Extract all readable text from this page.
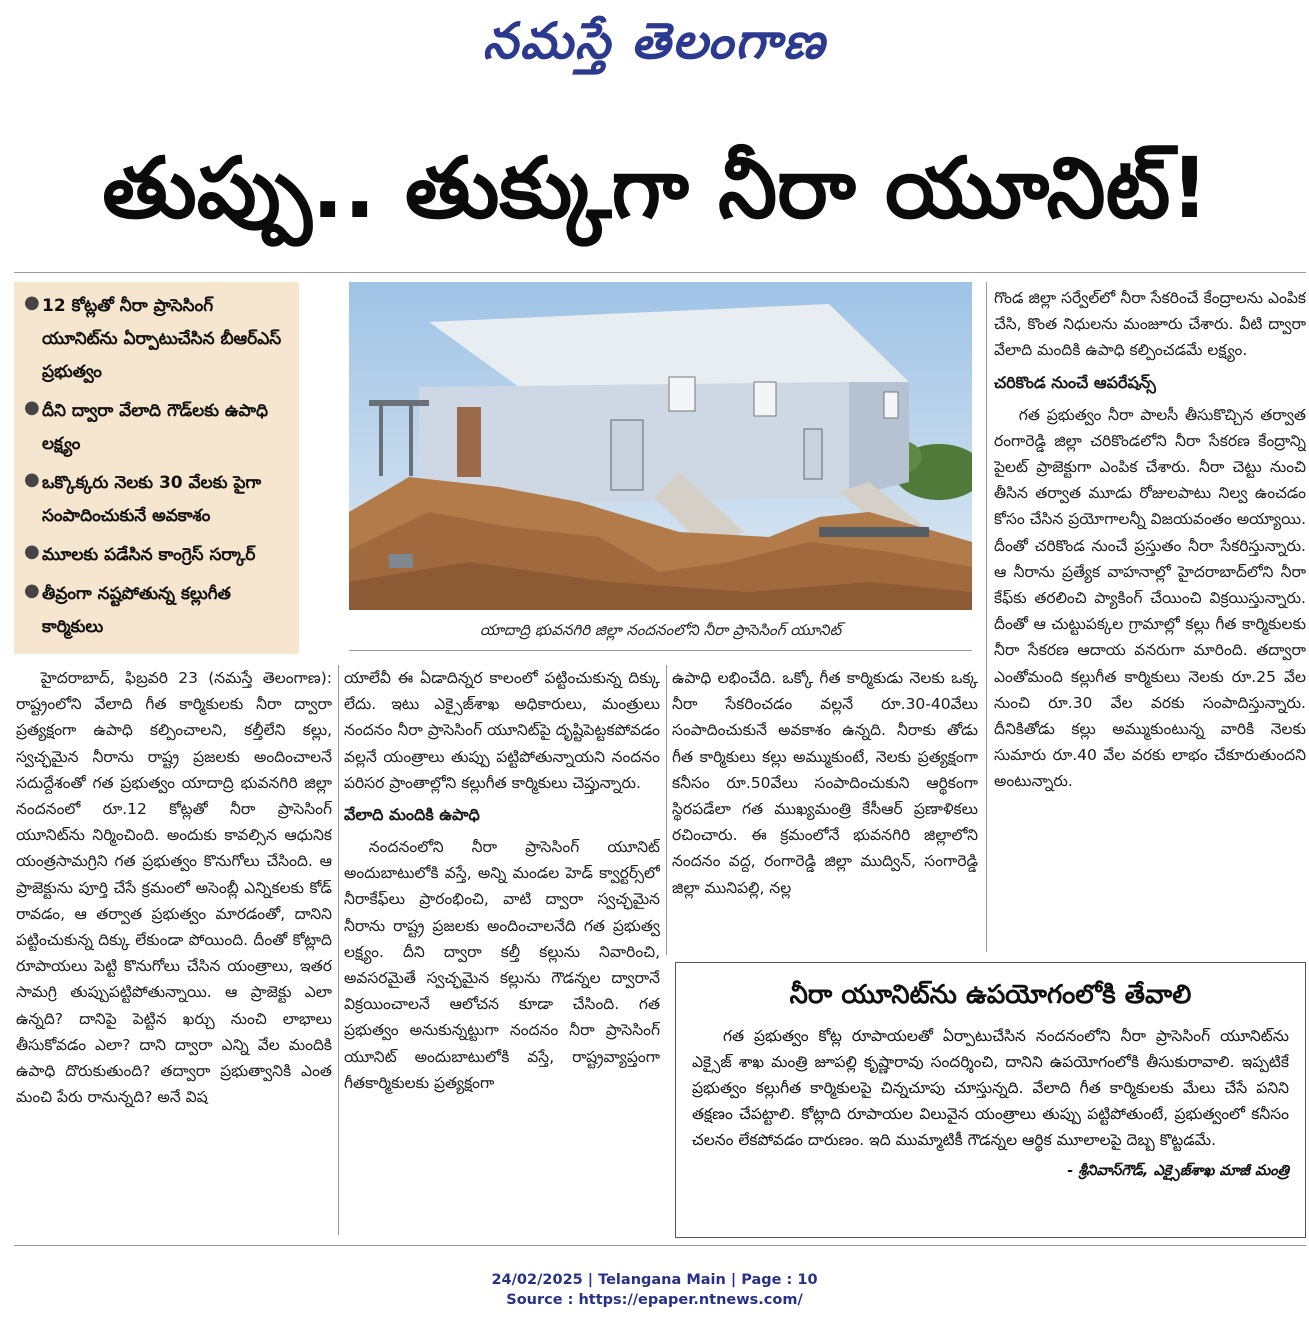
నమస్తే తెలంగాణ
తుప్పు.. తుక్కుగా నీరా యూనిట్!
● 12 కోట్లతో నీరా ప్రాసెసింగ్ యూనిట్‌ను ఏర్పాటుచేసిన బీఆర్‌ఎస్ ప్రభుత్వం
● దీని ద్వారా వేలాది గౌడ్‌లకు ఉపాధి లక్ష్యం
● ఒక్కొక్కరు నెలకు 30 వేలకు పైగా సంపాదించుకునే అవకాశం
● మూలకు పడేసిన కాంగ్రెస్ సర్కార్
● తీవ్రంగా నష్టపోతున్న కల్లుగీత కార్మికులు	యాదాద్రి భువనగిరి జిల్లా నందనంలోని నీరా ప్రాసెసింగ్ యూనిట్

హైదరాబాద్, ఫిబ్రవరి 23 (నమస్తే తెలంగాణ): రాష్ట్రంలోని వేలాది గీత కార్మికులకు నీరా ద్వారా ప్రత్యక్షంగా ఉపాధి కల్పించాలని, కల్తీలేని కల్లు, స్వచ్ఛమైన నీరాను రాష్ట్ర ప్రజలకు అందించాలనే సదుద్దేశంతో గత ప్రభుత్వం యాదాద్రి భువనగిరి జిల్లా నందనంలో రూ.12 కోట్లతో నీరా ప్రాసెసింగ్ యూనిట్‌ను నిర్మించింది. అందుకు కావల్సిన ఆధునిక యంత్రసామగ్రిని గత ప్రభుత్వం కొనుగోలు చేసింది. ఆ ప్రాజెక్టును పూర్తి చేసే క్రమంలో అసెంబ్లీ ఎన్నికలకు కోడ్ రావడం, ఆ తర్వాత ప్రభుత్వం మారడంతో, దానిని పట్టించుకున్న దిక్కు లేకుండా పోయింది. దీంతో కోట్లాది రూపాయలు పెట్టి కొనుగోలు చేసిన యంత్రాలు, ఇతర సామగ్రి తుప్పుపట్టిపోతున్నాయి. ఆ ప్రాజెక్టు ఎలా ఉన్నది? దానిపై పెట్టిన ఖర్చు నుంచి లాభాలు తీసుకోవడం ఎలా? దాని ద్వారా ఎన్ని వేల మందికి ఉపాధి దొరుకుతుంది? తద్వారా ప్రభుత్వానికి ఎంత మంచి పేరు రానున్నది? అనే విష

యాలేవీ ఈ ఏడాదిన్నర కాలంలో పట్టించుకున్న దిక్కు లేదు. ఇటు ఎక్సైజ్‌శాఖ అధికారులు, మంత్రులు నందనం నీరా ప్రాసెసింగ్ యూనిట్‌పై దృష్టిపెట్టకపోవడం వల్లనే యంత్రాలు తుప్పు పట్టిపోతున్నాయని నందనం పరిసర ప్రాంతాల్లోని కల్లుగీత కార్మికులు చెప్తున్నారు.

వేలాది మందికి ఉపాధి

నందనంలోని నీరా ప్రాసెసింగ్ యూనిట్ అందుబాటులోకి వస్తే, అన్ని మండల హెడ్ క్వార్టర్స్‌లో నీరాకేఫ్‌లు ప్రారంభించి, వాటి ద్వారా స్వచ్ఛమైన నీరాను రాష్ట్ర ప్రజలకు అందించాలనేది గత ప్రభుత్వ లక్ష్యం. దీని ద్వారా కల్తీ కల్లును నివారించి, అవసరమైతే స్వచ్ఛమైన కల్లును గౌడన్నల ద్వారానే విక్రయించాలనే ఆలోచన కూడా చేసింది. గత ప్రభుత్వం అనుకున్నట్టుగా నందనం నీరా ప్రాసెసింగ్ యూనిట్ అందుబాటులోకి వస్తే, రాష్ట్రవ్యాప్తంగా గీతకార్మికులకు ప్రత్యక్షంగా

ఉపాధి లభించేది. ఒక్కో గీత కార్మికుడు నెలకు ఒక్క నీరా సేకరించడం వల్లనే రూ.30-40వేలు సంపాదించుకునే అవకాశం ఉన్నది. నీరాకు తోడు గీత కార్మికులు కల్లు అమ్ముకుంటే, నెలకు ప్రత్యక్షంగా కనీసం రూ.50వేలు సంపాదించుకుని ఆర్థికంగా స్థిరపడేలా గత ముఖ్యమంత్రి కేసీఆర్ ప్రణాళికలు రచించారు. ఈ క్రమంలోనే భువనగిరి జిల్లాలోని నందనం వద్ద, రంగారెడ్డి జిల్లా ముద్విన్, సంగారెడ్డి జిల్లా మునిపల్లి, నల్ల

గొండ జిల్లా సర్వేల్‌లో నీరా సేకరించే కేంద్రాలను ఎంపిక చేసి, కొంత నిధులను మంజూరు చేశారు. వీటి ద్వారా వేలాది మందికి ఉపాధి కల్పించడమే లక్ష్యం.

చరికొండ నుంచే ఆపరేషన్స్

గత ప్రభుత్వం నీరా పాలసీ తీసుకొచ్చిన తర్వాత రంగారెడ్డి జిల్లా చరికొండలోని నీరా సేకరణ కేంద్రాన్ని పైలట్ ప్రాజెక్టుగా ఎంపిక చేశారు. నీరా చెట్టు నుంచి తీసిన తర్వాత మూడు రోజులపాటు నిల్వ ఉంచడం కోసం చేసిన ప్రయోగాలన్నీ విజయవంతం అయ్యాయి. దీంతో చరికొండ నుంచే ప్రస్తుతం నీరా సేకరిస్తున్నారు. ఆ నీరాను ప్రత్యేక వాహనాల్లో హైదరాబాద్‌లోని నీరా కేఫ్‌కు తరలించి ప్యాకింగ్ చేయించి విక్రయిస్తున్నారు. దీంతో ఆ చుట్టుపక్కల గ్రామాల్లో కల్లు గీత కార్మికులకు నీరా సేకరణ ఆదాయ వనరుగా మారింది. తద్వారా ఎంతోమంది కల్లుగీత కార్మికులు నెలకు రూ.25 వేల నుంచి రూ.30 వేల వరకు సంపాదిస్తున్నారు. దీనికితోడు కల్లు అమ్ముకుంటున్న వారికి నెలకు సుమారు రూ.40 వేల వరకు లాభం చేకూరుతుందని అంటున్నారు.

నీరా యూనిట్‌ను ఉపయోగంలోకి తేవాలి

గత ప్రభుత్వం కోట్ల రూపాయలతో ఏర్పాటుచేసిన నందనంలోని నీరా ప్రాసెసింగ్ యూనిట్‌ను ఎక్సైజ్ శాఖ మంత్రి జూపల్లి కృష్ణారావు సందర్శించి, దానిని ఉపయోగంలోకి తీసుకురావాలి. ఇప్పటికే ప్రభుత్వం కల్లుగీత కార్మికులపై చిన్నచూపు చూస్తున్నది. వేలాది గీత కార్మికులకు మేలు చేసే పనిని తక్షణం చేపట్టాలి. కోట్లాది రూపాయల విలువైన యంత్రాలు తుప్పు పట్టిపోతుంటే, ప్రభుత్వంలో కనీసం చలనం లేకపోవడం దారుణం. ఇది ముమ్మాటికీ గౌడన్నల ఆర్థిక మూలాలపై దెబ్బ కొట్టడమే.

- శ్రీనివాస్‌గౌడ్, ఎక్సైజ్‌శాఖ మాజీ మంత్రి
24/02/2025 | Telangana Main | Page : 10
Source : https://epaper.ntnews.com/
